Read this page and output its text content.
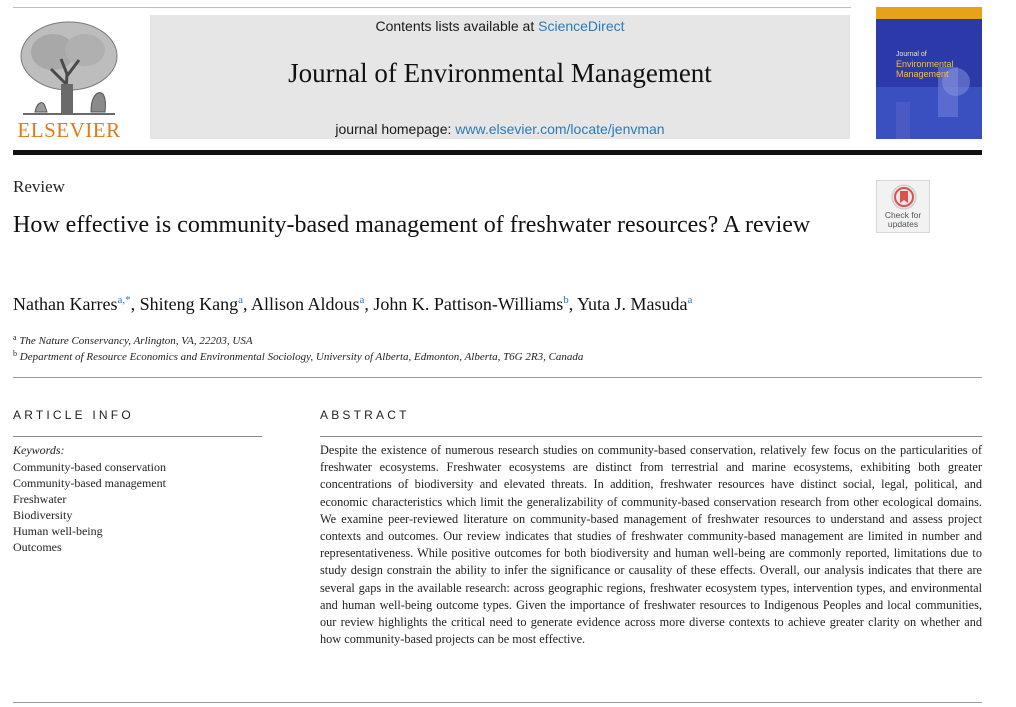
ELSEVIER
Contents lists available at ScienceDirect
Journal of Environmental Management
journal homepage: www.elsevier.com/locate/jenvman
Journal of
Environmental Management
Review
How effective is community-based management of freshwater resources? A review	Check for updates
Nathan Karres$^{a,*}$, Shiteng Kang$^a$, Allison Aldous$^a$, John K. Pattison-Williams$^b$, Yuta J. Masuda$^a$
$^a$ The Nature Conservancy, Arlington, VA, 22203, USA
$^b$ Department of Resource Economics and Environmental Sociology, University of Alberta, Edmonton, Alberta, T6G 2R3, Canada
ARTICLE INFO
Keywords:
Community-based conservation
Community-based management
Freshwater
Biodiversity
Human well-being
Outcomes
ABSTRACT
Despite the existence of numerous research studies on community-based conservation, relatively few focus on the particularities of freshwater ecosystems. Freshwater ecosystems are distinct from terrestrial and marine ecosystems, exhibiting both greater concentrations of biodiversity and elevated threats. In addition, freshwater resources have distinct social, legal, political, and economic characteristics which limit the generalizability of community-based conservation research from other ecological domains. We examine peer-reviewed literature on community-based management of freshwater resources to understand and assess project contexts and outcomes. Our review indicates that studies of freshwater community-based management are limited in number and representativeness. While positive outcomes for both biodiversity and human well-being are commonly reported, limitations due to study design constrain the ability to infer the significance or causality of these effects. Overall, our analysis indicates that there are several gaps in the available research: across geographic regions, freshwater ecosystem types, intervention types, and environmental and human well-being outcome types. Given the importance of freshwater resources to Indigenous Peoples and local communities, our review highlights the critical need to generate evidence across more diverse contexts to achieve greater clarity on whether and how community-based projects can be most effective.
